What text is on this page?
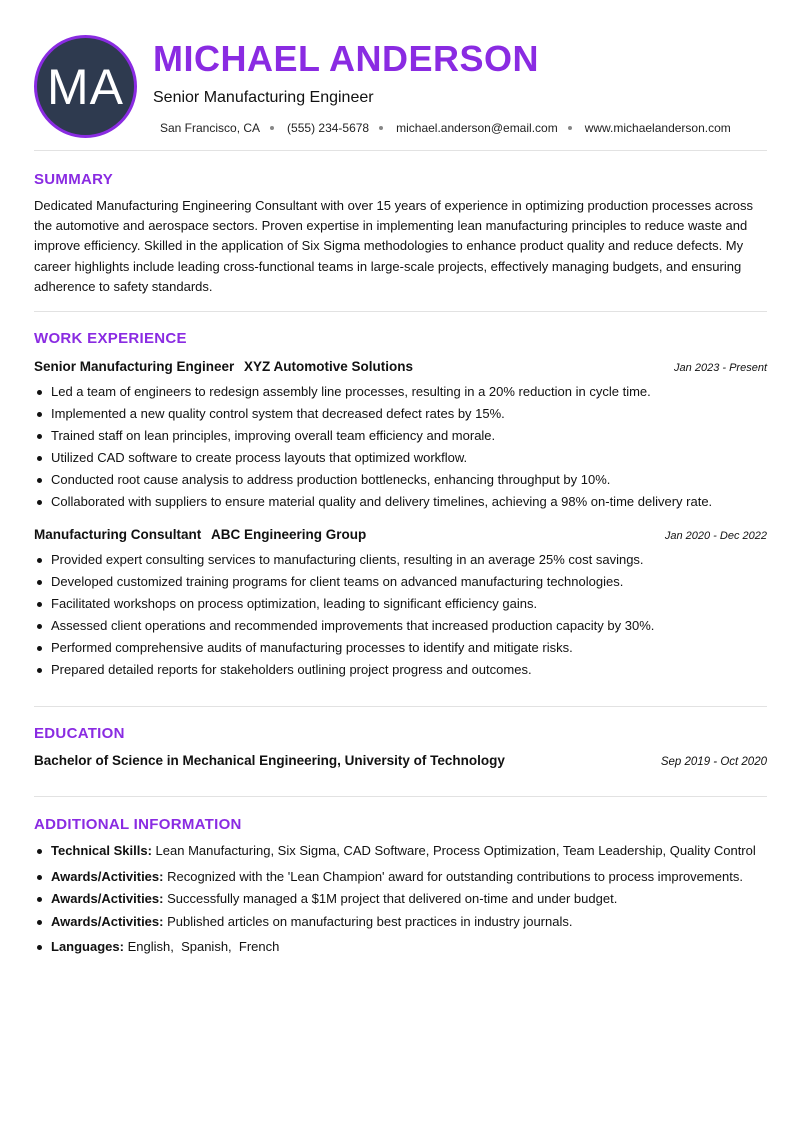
MA MICHAEL ANDERSON
Senior Manufacturing Engineer
San Francisco, CA (555) 234-5678 michael.anderson@email.com www.michaelanderson.com
SUMMARY

Dedicated Manufacturing Engineering Consultant with over 15 years of experience in optimizing production processes across the automotive and aerospace sectors. Proven expertise in implementing lean manufacturing principles to reduce waste and improve efficiency. Skilled in the application of Six Sigma methodologies to enhance product quality and reduce defects. My career highlights include leading cross-functional teams in large-scale projects, effectively managing budgets, and ensuring adherence to safety standards.

WORK EXPERIENCE
Senior Manufacturing Engineer XYZ Automotive Solutions	Jan 2023 - Present
Led a team of engineers to redesign assembly line processes, resulting in a 20% reduction in cycle time.
Implemented a new quality control system that decreased defect rates by 15%.
Trained staff on lean principles, improving overall team efficiency and morale.
Utilized CAD software to create process layouts that optimized workflow.
Conducted root cause analysis to address production bottlenecks, enhancing throughput by 10%.
Collaborated with suppliers to ensure material quality and delivery timelines, achieving a 98% on-time delivery rate.
Manufacturing Consultant ABC Engineering Group	Jan 2020 - Dec 2022
Provided expert consulting services to manufacturing clients, resulting in an average 25% cost savings.
Developed customized training programs for client teams on advanced manufacturing technologies.
Facilitated workshops on process optimization, leading to significant efficiency gains.
Assessed client operations and recommended improvements that increased production capacity by 30%.
Performed comprehensive audits of manufacturing processes to identify and mitigate risks.
Prepared detailed reports for stakeholders outlining project progress and outcomes.
EDUCATION
Bachelor of Science in Mechanical Engineering, University of Technology	Sep 2019 - Oct 2020
ADDITIONAL INFORMATION
Technical Skills: Lean Manufacturing, Six Sigma, CAD Software, Process Optimization, Team Leadership, Quality Control
Awards/Activities: Recognized with the 'Lean Champion' award for outstanding contributions to process improvements.
Awards/Activities: Successfully managed a $1M project that delivered on-time and under budget.
Awards/Activities: Published articles on manufacturing best practices in industry journals.
Languages: English,  Spanish,  French
